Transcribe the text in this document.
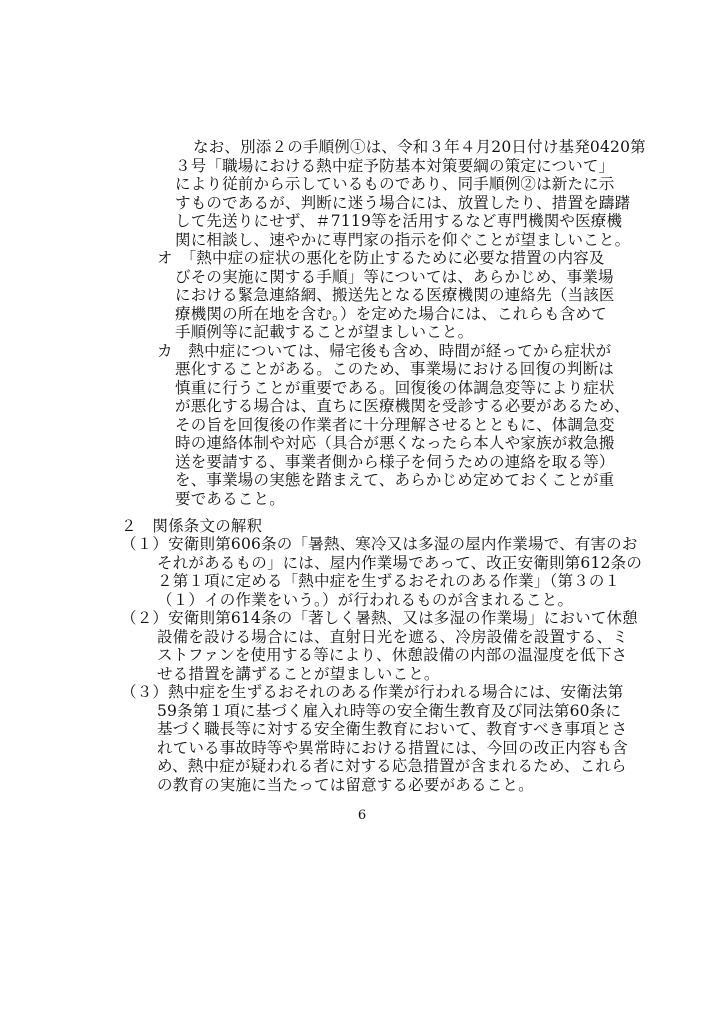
なお、別添２の手順例①は、令和３年４月20日付け基発0420第
３号「職場における熱中症予防基本対策要綱の策定について」
により従前から示しているものであり、同手順例②は新たに示
すものであるが、判断に迷う場合には、放置したり、措置を躊躇
して先送りにせず、＃7119等を活用するなど専門機関や医療機
関に相談し、速やかに専門家の指示を仰ぐことが望ましいこと。
オ　「熱中症の症状の悪化を防止するために必要な措置の内容及
びその実施に関する手順」等については、あらかじめ、事業場
における緊急連絡網、搬送先となる医療機関の連絡先（当該医
療機関の所在地を含む。）を定めた場合には、これらも含めて
手順例等に記載することが望ましいこと。
カ　熱中症については、帰宅後も含め、時間が経ってから症状が
悪化することがある。このため、事業場における回復の判断は
慎重に行うことが重要である。回復後の体調急変等により症状
が悪化する場合は、直ちに医療機関を受診する必要があるため、
その旨を回復後の作業者に十分理解させるとともに、体調急変
時の連絡体制や対応（具合が悪くなったら本人や家族が救急搬
送を要請する、事業者側から様子を伺うための連絡を取る等）
を、事業場の実態を踏まえて、あらかじめ定めておくことが重
要であること。
２　関係条文の解釈
（１）安衛則第606条の「暑熱、寒冷又は多湿の屋内作業場で、有害のお
それがあるもの」には、屋内作業場であって、改正安衛則第612条の
２第１項に定める「熱中症を生ずるおそれのある作業」（第３の１
（１）イの作業をいう。）が行われるものが含まれること。
（２）安衛則第614条の「著しく暑熱、又は多湿の作業場」において休憩
設備を設ける場合には、直射日光を遮る、冷房設備を設置する、ミ
ストファンを使用する等により、休憩設備の内部の温湿度を低下さ
せる措置を講ずることが望ましいこと。
（３）熱中症を生ずるおそれのある作業が行われる場合には、安衛法第
59条第１項に基づく雇入れ時等の安全衛生教育及び同法第60条に
基づく職長等に対する安全衛生教育において、教育すべき事項とさ
れている事故時等や異常時における措置には、今回の改正内容も含
め、熱中症が疑われる者に対する応急措置が含まれるため、これら
の教育の実施に当たっては留意する必要があること。
6
